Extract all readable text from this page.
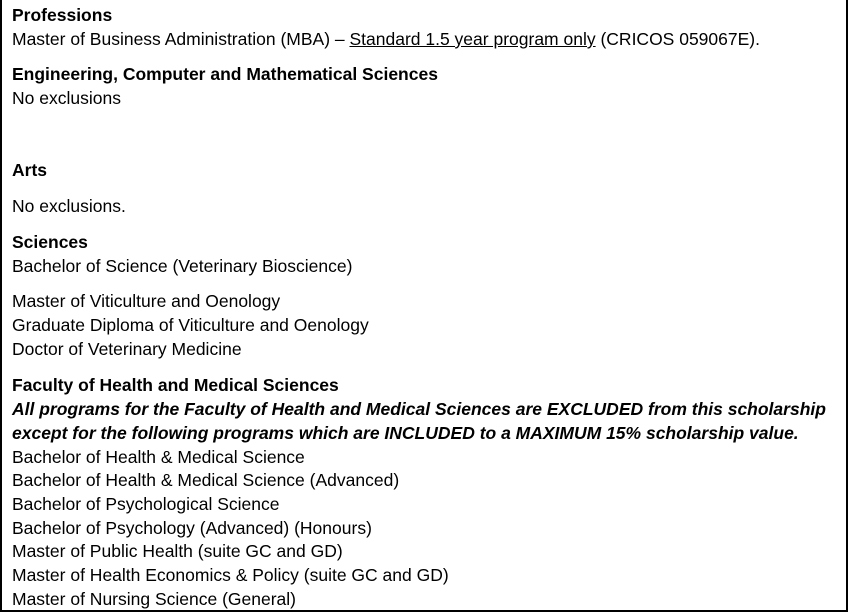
Professions
Master of Business Administration (MBA) – Standard 1.5 year program only (CRICOS 059067E).
Engineering, Computer and Mathematical Sciences
No exclusions
Arts
No exclusions.
Sciences
Bachelor of Science (Veterinary Bioscience)
Master of Viticulture and Oenology
Graduate Diploma of Viticulture and Oenology
Doctor of Veterinary Medicine
Faculty of Health and Medical Sciences
All programs for the Faculty of Health and Medical Sciences are EXCLUDED from this scholarship
except for the following programs which are INCLUDED to a MAXIMUM 15% scholarship value.
Bachelor of Health & Medical Science
Bachelor of Health & Medical Science (Advanced)
Bachelor of Psychological Science
Bachelor of Psychology (Advanced) (Honours)
Master of Public Health (suite GC and GD)
Master of Health Economics & Policy (suite GC and GD)
Master of Nursing Science (General)
